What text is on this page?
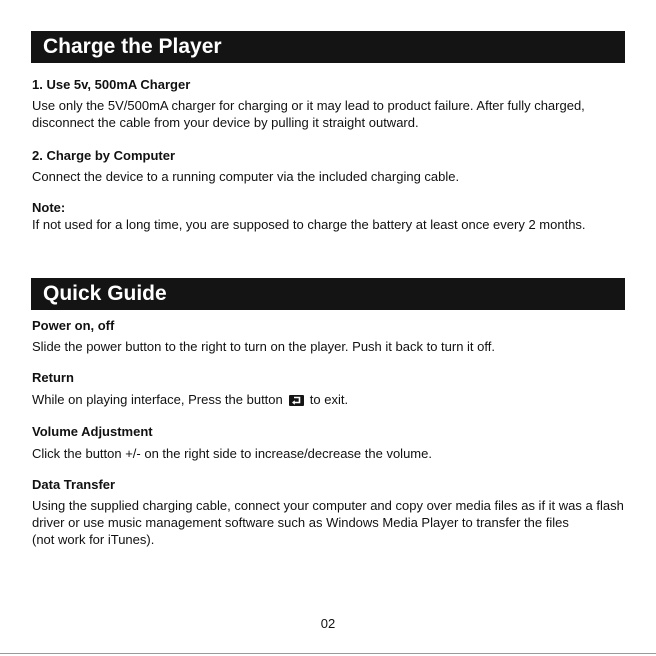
Charge the Player
1. Use 5v, 500mA Charger
Use only the 5V/500mA charger for charging or it may lead to product failure. After fully charged,
disconnect the cable from your device by pulling it straight outward.
2. Charge by Computer
Connect the device to a running computer via the included charging cable.
Note:
If not used for a long time, you are supposed to charge the battery at least once every 2 months.
Quick Guide
Power on, off
Slide the power button to the right to turn on the player. Push it back to turn it off.
Return
While on playing interface, Press the button to exit.
Volume Adjustment
Click the button +/- on the right side to increase/decrease the volume.
Data Transfer
Using the supplied charging cable, connect your computer and copy over media files as if it was a flash
driver or use music management software such as Windows Media Player to transfer the files
(not work for iTunes).
02
